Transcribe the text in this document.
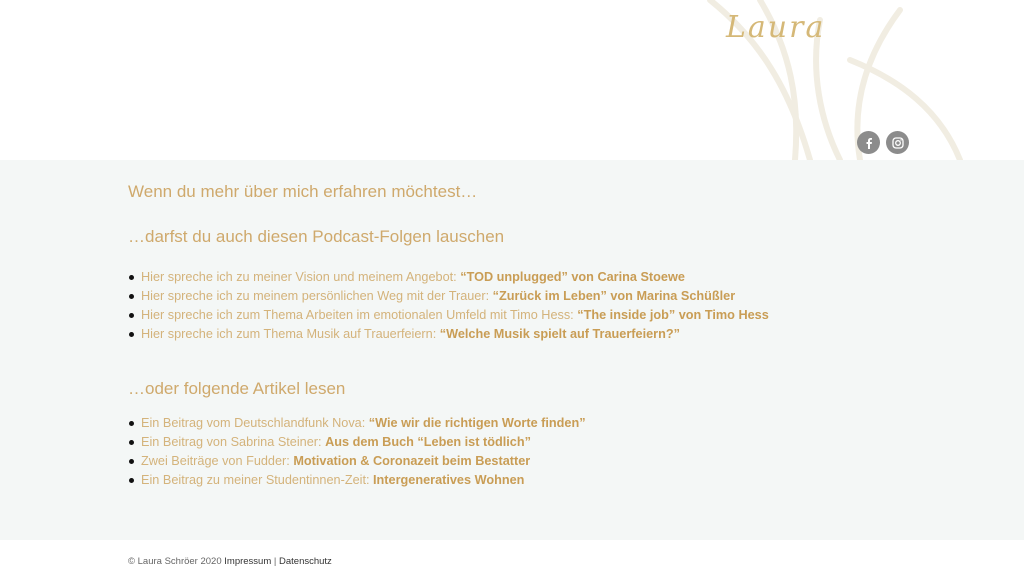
Laura
Wenn du mehr über mich erfahren möchtest…
…darfst du auch diesen Podcast-Folgen lauschen
Hier spreche ich zu meiner Vision und meinem Angebot: “TOD unplugged” von Carina Stoewe
Hier spreche ich zu meinem persönlichen Weg mit der Trauer: “Zurück im Leben” von Marina Schüßler
Hier spreche ich zum Thema Arbeiten im emotionalen Umfeld mit Timo Hess: “The inside job” von Timo Hess
Hier spreche ich zum Thema Musik auf Trauerfeiern: “Welche Musik spielt auf Trauerfeiern?”
…oder folgende Artikel lesen
Ein Beitrag vom Deutschlandfunk Nova: “Wie wir die richtigen Worte finden”
Ein Beitrag von Sabrina Steiner: Aus dem Buch “Leben ist tödlich”
Zwei Beiträge von Fudder: Motivation & Coronazeit beim Bestatter
Ein Beitrag zu meiner Studentinnen-Zeit: Intergeneratives Wohnen
© Laura Schröer 2020 Impressum | Datenschutz
